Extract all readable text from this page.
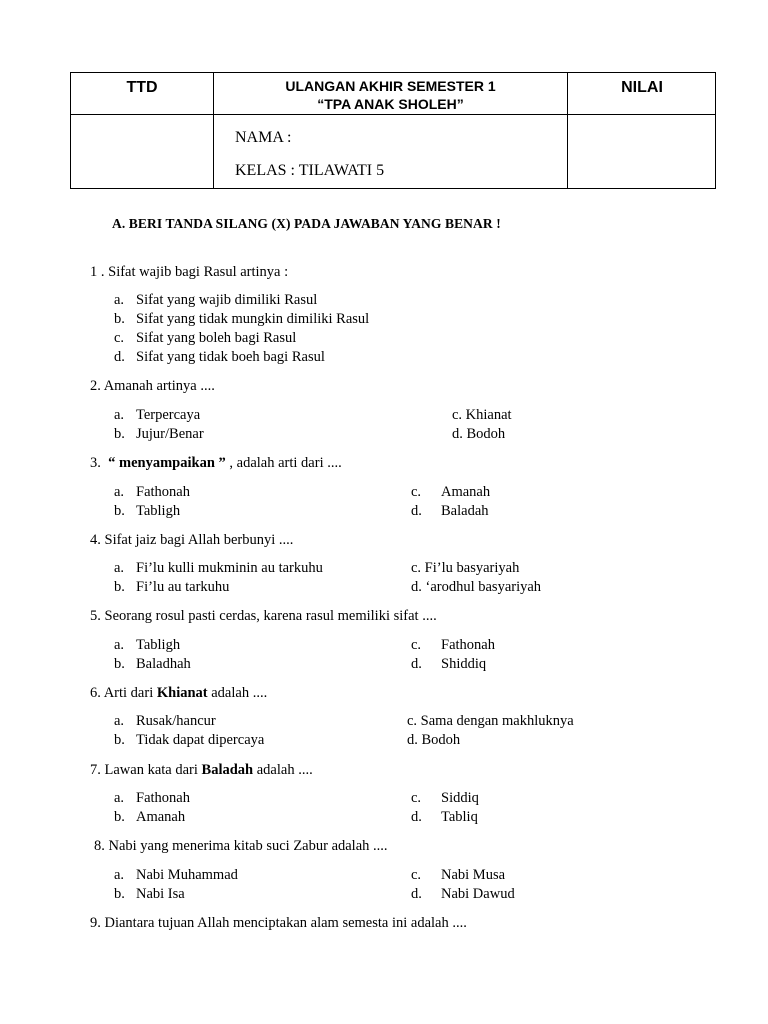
TTD	ULANGAN AKHIR SEMESTER 1
“TPA ANAK SHOLEH”
NILAI
NAMA :
KELAS : TILAWATI 5
A. BERI TANDA SILANG (X) PADA JAWABAN YANG BENAR !
1 . Sifat wajib bagi Rasul artinya :
a. Sifat yang wajib dimiliki Rasul
b. Sifat yang tidak mungkin dimiliki Rasul
c. Sifat yang boleh bagi Rasul
d. Sifat yang tidak boeh bagi Rasul
2. Amanah artinya ....
a. Terpercaya
b. Jujur/Benar
c. Khianat
d. Bodoh
3. “ menyampaikan ” , adalah arti dari ....
a. Fathonah
b. Tabligh
c. Amanah
d. Baladah
4. Sifat jaiz bagi Allah berbunyi ....
a. Fi’lu kulli mukminin au tarkuhu
b. Fi’lu au tarkuhu
c. Fi’lu basyariyah
d. ‘arodhul basyariyah
5. Seorang rosul pasti cerdas, karena rasul memiliki sifat ....
a. Tabligh
b. Baladhah
c. Fathonah
d. Shiddiq
6. Arti dari Khianat adalah ....
a. Rusak/hancur
b. Tidak dapat dipercaya
c. Sama dengan makhluknya
d. Bodoh
7. Lawan kata dari Baladah adalah ....
a. Fathonah
b. Amanah
c. Siddiq
d. Tabliq
8. Nabi yang menerima kitab suci Zabur adalah ....
a. Nabi Muhammad
b. Nabi Isa
c. Nabi Musa
d. Nabi Dawud
9. Diantara tujuan Allah menciptakan alam semesta ini adalah ....
